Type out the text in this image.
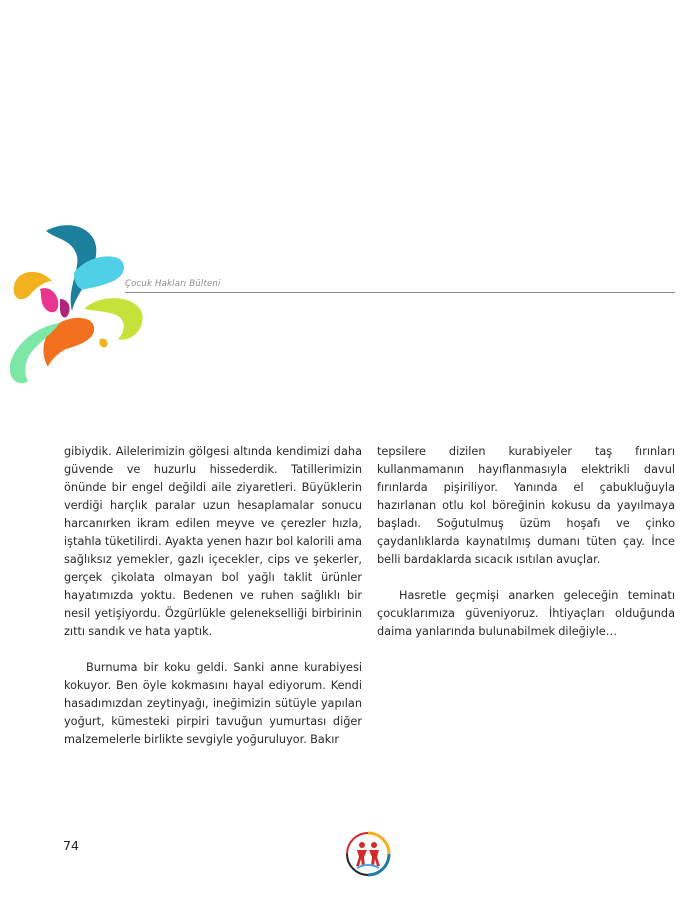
Çocuk Hakları Bülteni

gibiydik. Ailelerimizin gölgesi altında kendimizi daha güvende ve huzurlu hissederdik. Tatillerimizin önünde bir engel değildi aile ziyaretleri. Büyüklerin verdiği harçlık paralar uzun hesaplamalar sonucu harcanırken ikram edilen meyve ve çerezler hızla, iştahla tüketilirdi. Ayakta yenen hazır bol kalorili ama sağlıksız yemekler, gazlı içecekler, cips ve şekerler, gerçek çikolata olmayan bol yağlı taklit ürünler hayatımızda yoktu. Bedenen ve ruhen sağlıklı bir nesil yetişiyordu. Özgürlükle gelenekselliği birbirinin zıttı sandık ve hata yaptık.

Burnuma bir koku geldi. Sanki anne kurabiyesi kokuyor. Ben öyle kokmasını hayal ediyorum. Kendi hasadımızdan zeytinyağı, ineğimizin sütüyle yapılan yoğurt, kümesteki pirpiri tavuğun yumurtası diğer malzemelerle birlikte sevgiyle yoğuruluyor. Bakır

tepsilere dizilen kurabiyeler taş fırınları kullanmamanın hayıflanmasıyla elektrikli davul fırınlarda pişiriliyor. Yanında el çabukluğuyla hazırlanan otlu kol böreğinin kokusu da yayılmaya başladı. Soğutulmuş üzüm hoşafı ve çinko çaydanlıklarda kaynatılmış dumanı tüten çay. İnce belli bardaklarda sıcacık ısıtılan avuçlar.

Hasretle geçmişi anarken geleceğin teminatı çocuklarımıza güveniyoruz. İhtiyaçları olduğunda daima yanlarında bulunabilmek dileğiyle…

74
